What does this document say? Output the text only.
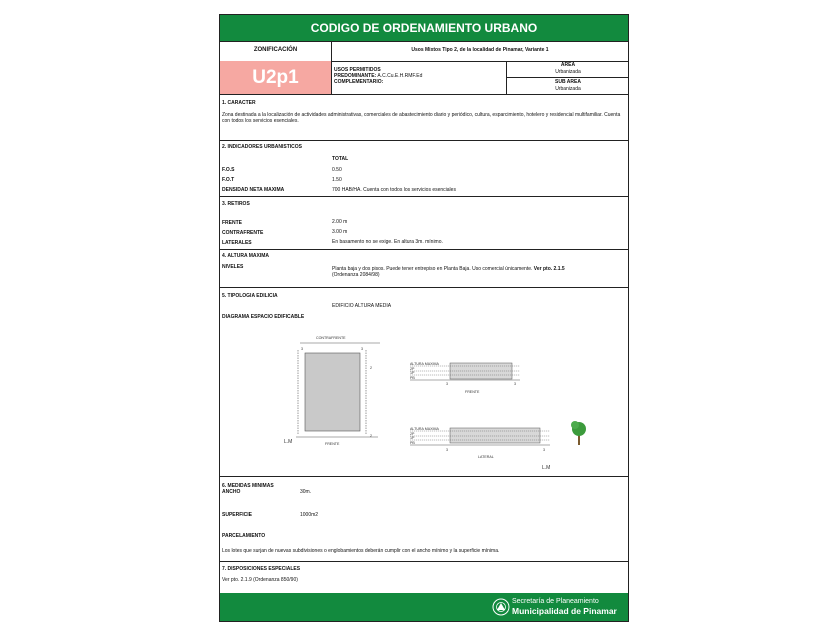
CODIGO DE ORDENAMIENTO URBANO
ZONIFICACIÓN	Usos Mixtos Tipo 2, de la localidad de Pinamar, Variante 1
U2p1	USOS PERMITIDOS
PREDOMINANTE: A.C.Cu.E.H.RMF.Ed
COMPLEMENTARIO:
AREA
Urbanizada
SUB AREA
Urbanizada
1. CARACTER
Zona destinada a la localización de actividades administrativas, comerciales de abastecimiento diario y periódico, cultura, esparcimiento, hotelero y residencial multifamiliar. Cuenta con todos los servicios esenciales.
2. INDICADORES URBANISTICOS
TOTAL
F.O.S	0.50
F.O.T	1.50
DENSIDAD NETA MAXIMA	700 HAB/HA. Cuenta con todos los servicios esenciales
3. RETIROS
FRENTE	2.00 m
CONTRAFRENTE	3.00 m
LATERALES	En basamento no se exige. En altura 3m. mínimo.
4. ALTURA MAXIMA
NIVELES	Planta baja y dos pisos. Puede tener entrepiso en Planta Baja. Uso comercial únicamente. Ver pto. 2.1.5
(Ordenanza 2084/98)
5. TIPOLOGIA EDILICIA
EDIFICIO ALTURA MEDIA
DIAGRAMA ESPACIO EDIFICABLE
CONTRAFRENTE
FRENTE
L.M
3	3
2
2
ALTURA MAXIMA
2P
1P
PB
FRENTE
3	3
ALTURA MAXIMA
2P
1P
PB
LATERAL
L.M
3	3
6. MEDIDAS MINIMAS
ANCHO	30m.
SUPERFICIE	1000m2
PARCELAMIENTO
Los lotes que surjan de nuevas subdivisiones o englobamientos deberán cumplir con el ancho mínimo y la superficie mínima.
7. DISPOSICIONES ESPECIALES
Ver pto. 2.1.9 (Ordenanza 850/90)
Secretaría de Planeamiento
Municipalidad de Pinamar
